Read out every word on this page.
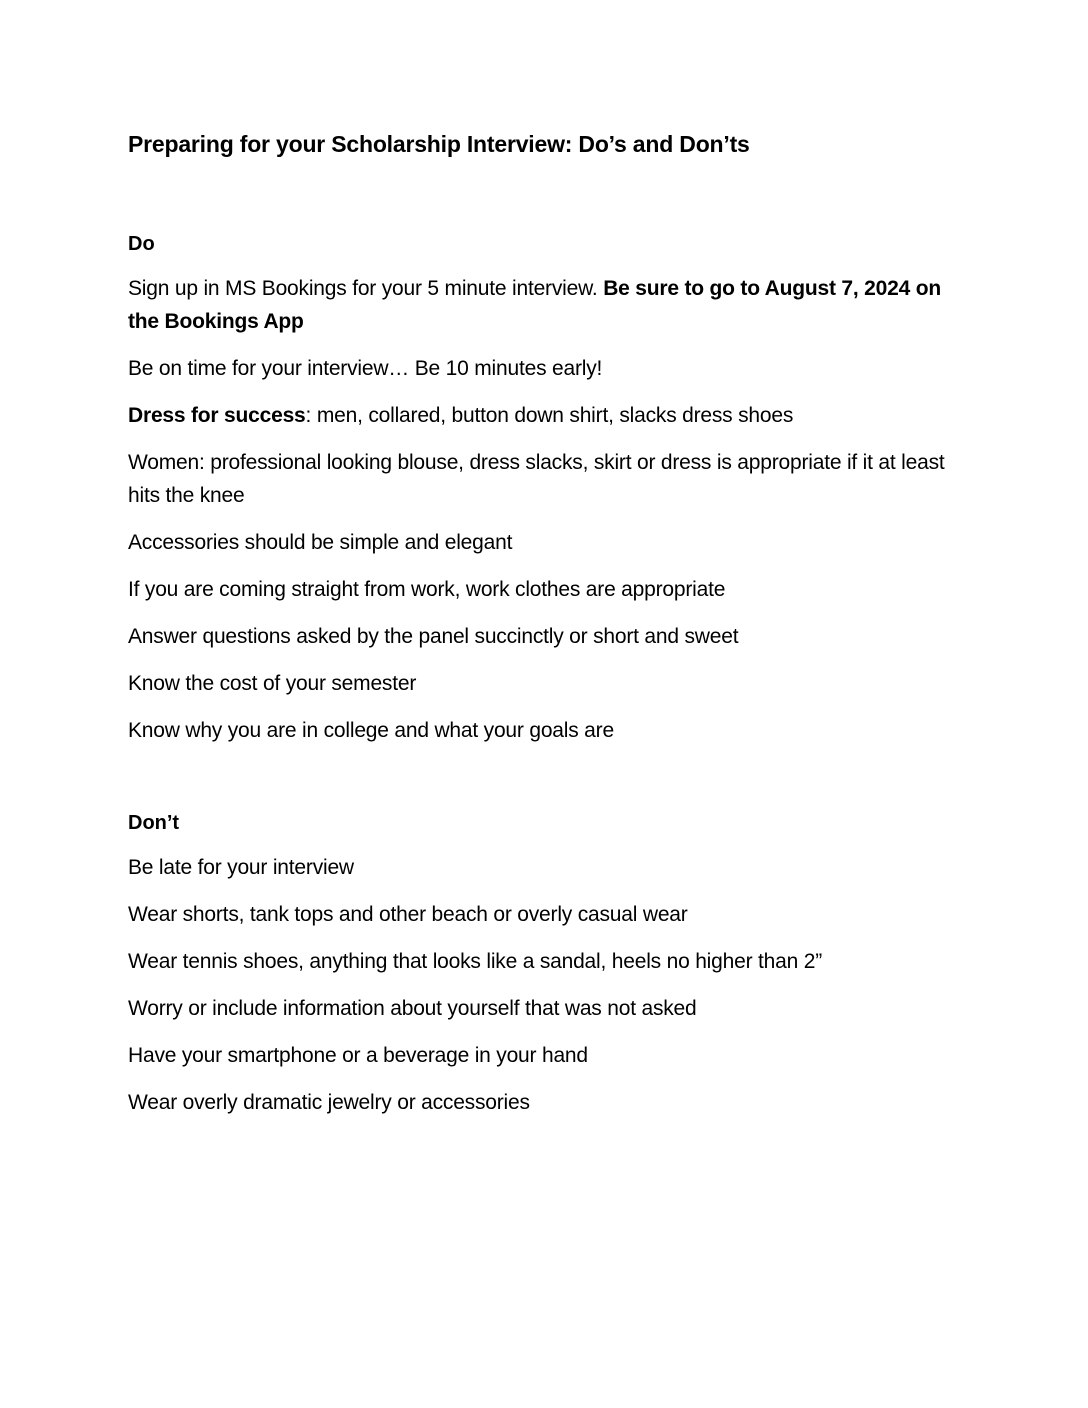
Preparing for your Scholarship Interview: Do’s and Don’ts
Do

Sign up in MS Bookings for your 5 minute interview. Be sure to go to August 7, 2024 on the Bookings App

Be on time for your interview… Be 10 minutes early!

Dress for success: men, collared, button down shirt, slacks dress shoes

Women: professional looking blouse, dress slacks, skirt or dress is appropriate if it at least hits the knee

Accessories should be simple and elegant

If you are coming straight from work, work clothes are appropriate

Answer questions asked by the panel succinctly or short and sweet

Know the cost of your semester

Know why you are in college and what your goals are

Don’t

Be late for your interview

Wear shorts, tank tops and other beach or overly casual wear

Wear tennis shoes, anything that looks like a sandal, heels no higher than 2”

Worry or include information about yourself that was not asked

Have your smartphone or a beverage in your hand

Wear overly dramatic jewelry or accessories
